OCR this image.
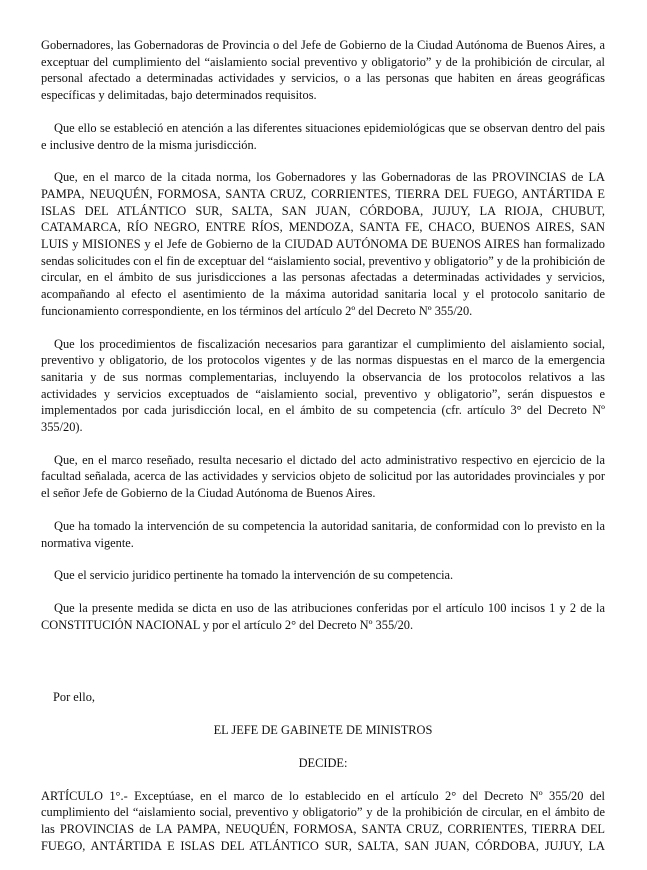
Gobernadores, las Gobernadoras de Provincia o del Jefe de Gobierno de la Ciudad Autónoma de Buenos Aires, a exceptuar del cumplimiento del “aislamiento social preventivo y obligatorio” y de la prohibición de circular, al personal afectado a determinadas actividades y servicios, o a las personas que habiten en áreas geográficas específicas y delimitadas, bajo determinados requisitos.

Que ello se estableció en atención a las diferentes situaciones epidemiológicas que se observan dentro del pais e inclusive dentro de la misma jurisdicción.

Que, en el marco de la citada norma, los Gobernadores y las Gobernadoras de las PROVINCIAS de LA PAMPA, NEUQUÉN, FORMOSA, SANTA CRUZ, CORRIENTES, TIERRA DEL FUEGO, ANTÁRTIDA E ISLAS DEL ATLÁNTICO SUR, SALTA, SAN JUAN, CÓRDOBA, JUJUY, LA RIOJA, CHUBUT, CATAMARCA, RÍO NEGRO, ENTRE RÍOS, MENDOZA, SANTA FE, CHACO, BUENOS AIRES, SAN LUIS y MISIONES y el Jefe de Gobierno de la CIUDAD AUTÓNOMA DE BUENOS AIRES han formalizado sendas solicitudes con el fin de exceptuar del “aislamiento social, preventivo y obligatorio” y de la prohibición de circular, en el ámbito de sus jurisdicciones a las personas afectadas a determinadas actividades y servicios, acompañando al efecto el asentimiento de la máxima autoridad sanitaria local y el protocolo sanitario de funcionamiento correspondiente, en los términos del artículo 2º del Decreto Nº 355/20.

Que los procedimientos de fiscalización necesarios para garantizar el cumplimiento del aislamiento social, preventivo y obligatorio, de los protocolos vigentes y de las normas dispuestas en el marco de la emergencia sanitaria y de sus normas complementarias, incluyendo la observancia de los protocolos relativos a las actividades y servicios exceptuados de “aislamiento social, preventivo y obligatorio”, serán dispuestos e implementados por cada jurisdicción local, en el ámbito de su competencia (cfr. artículo 3° del Decreto Nº 355/20).

Que, en el marco reseñado, resulta necesario el dictado del acto administrativo respectivo en ejercicio de la facultad señalada, acerca de las actividades y servicios objeto de solicitud por las autoridades provinciales y por el señor Jefe de Gobierno de la Ciudad Autónoma de Buenos Aires.

Que ha tomado la intervención de su competencia la autoridad sanitaria, de conformidad con lo previsto en la normativa vigente.

Que el servicio juridico pertinente ha tomado la intervención de su competencia.

Que la presente medida se dicta en uso de las atribuciones conferidas por el artículo 100 incisos 1 y 2 de la CONSTITUCIÓN NACIONAL y por el artículo 2° del Decreto Nº 355/20.

Por ello,

EL JEFE DE GABINETE DE MINISTROS

DECIDE:

ARTÍCULO 1°.- Exceptúase, en el marco de lo establecido en el artículo 2° del Decreto Nº 355/20 del cumplimiento del “aislamiento social, preventivo y obligatorio” y de la prohibición de circular, en el ámbito de las PROVINCIAS de LA PAMPA, NEUQUÉN, FORMOSA, SANTA CRUZ, CORRIENTES, TIERRA DEL FUEGO, ANTÁRTIDA E ISLAS DEL ATLÁNTICO SUR, SALTA, SAN JUAN, CÓRDOBA, JUJUY, LA
